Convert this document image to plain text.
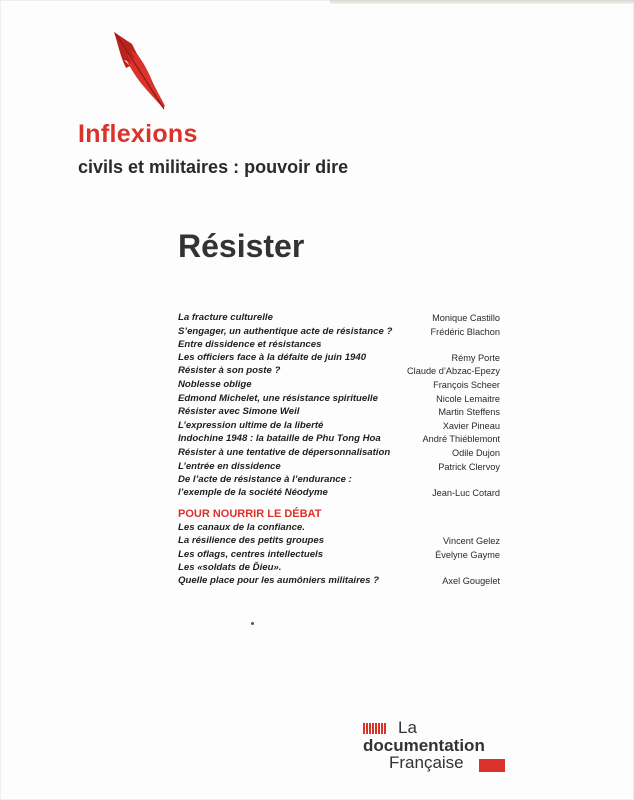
Inflexions
civils et militaires : pouvoir dire
Résister
La fracture culturelle	Monique Castillo
S’engager, un authentique acte de résistance ?	Frédéric Blachon
Entre dissidence et résistances
Les officiers face à la défaite de juin 1940	Rémy Porte
Résister à son poste ?	Claude d’Abzac-Epezy
Noblesse oblige	François Scheer
Edmond Michelet, une résistance spirituelle	Nicole Lemaitre
Résister avec Simone Weil	Martin Steffens
L’expression ultime de la liberté	Xavier Pineau
Indochine 1948 : la bataille de Phu Tong Hoa	André Thiéblemont
Résister à une tentative de dépersonnalisation	Odile Dujon
L’entrée en dissidence	Patrick Clervoy
De l’acte de résistance à l’endurance :
l’exemple de la société Néodyme	Jean-Luc Cotard
POUR NOURRIR LE DÉBAT
Les canaux de la confiance.
La résilience des petits groupes	Vincent Gelez
Les oflags, centres intellectuels	Évelyne Gayme
Les «soldats de Ďieu».
Quelle place pour les aumôniers militaires ?	Axel Gougelet
La
documentation
Française
